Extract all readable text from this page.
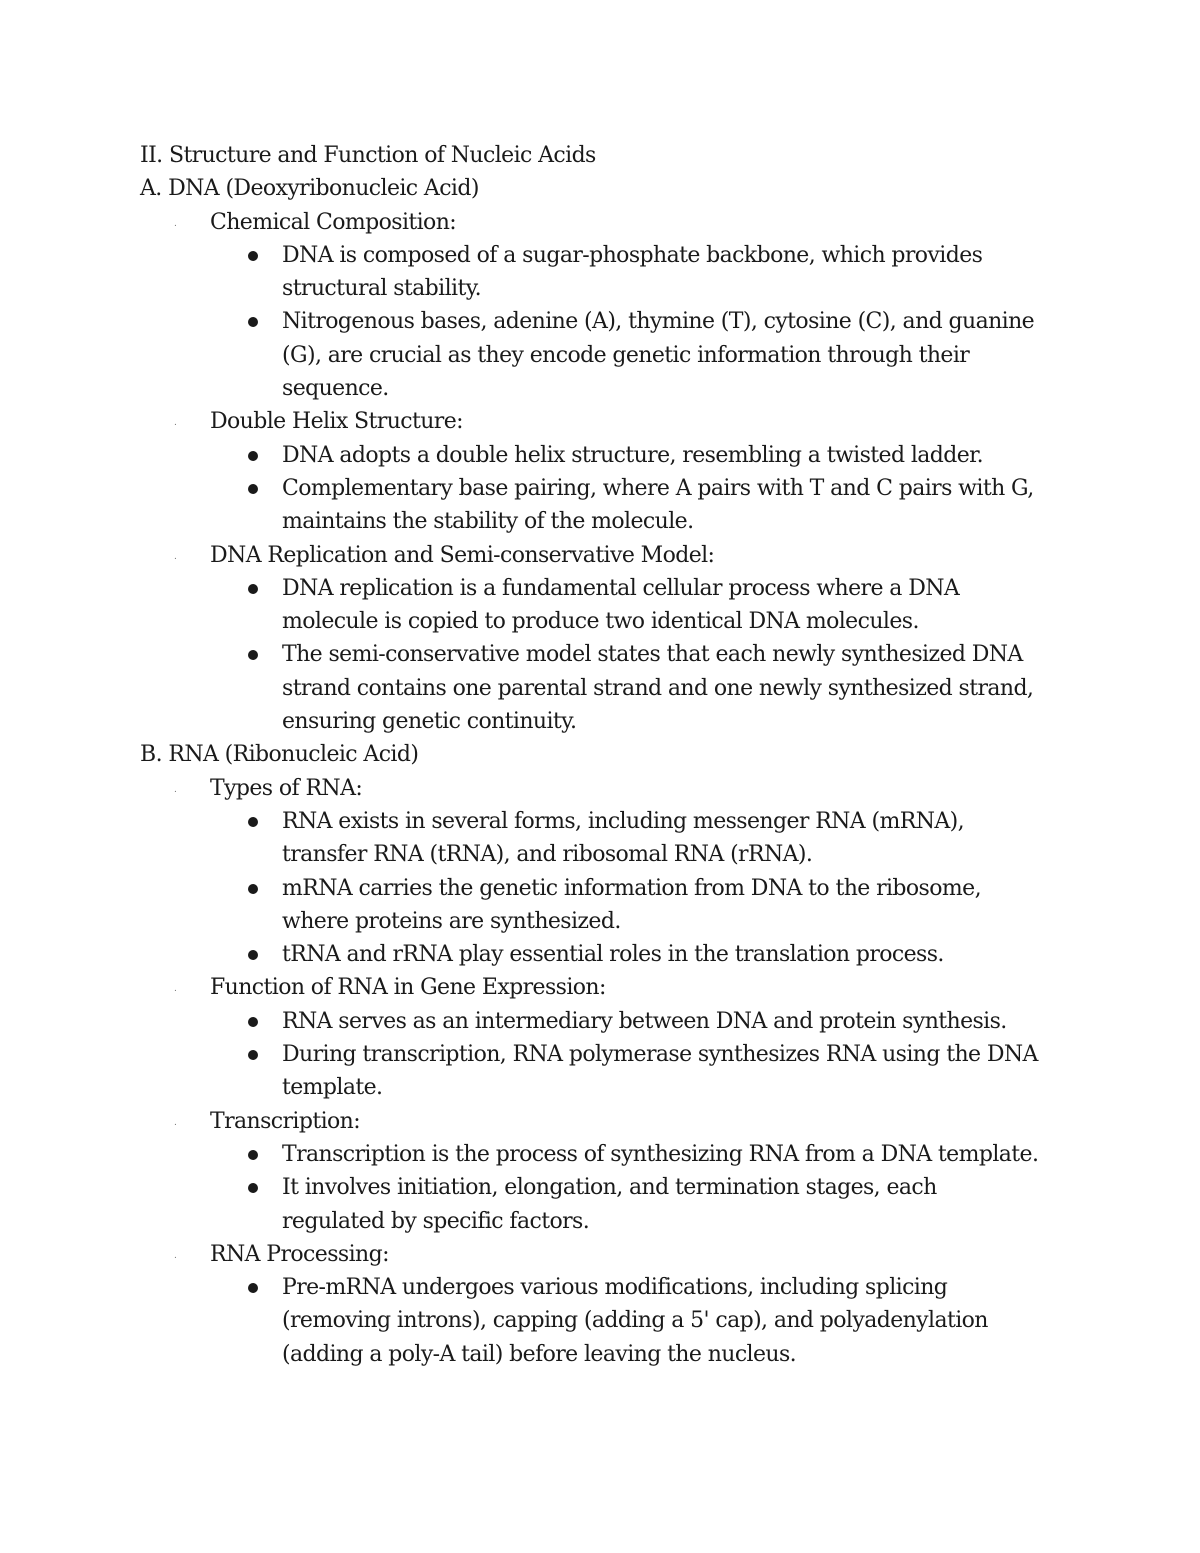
II. Structure and Function of Nucleic Acids

A. DNA (Deoxyribonucleic Acid)

. Chemical Composition:
DNA is composed of a sugar-phosphate backbone, which provides structural stability.
Nitrogenous bases, adenine (A), thymine (T), cytosine (C), and guanine (G), are crucial as they encode genetic information through their sequence.
. Double Helix Structure:
DNA adopts a double helix structure, resembling a twisted ladder.
Complementary base pairing, where A pairs with T and C pairs with G, maintains the stability of the molecule.
. DNA Replication and Semi-conservative Model:
DNA replication is a fundamental cellular process where a DNA molecule is copied to produce two identical DNA molecules.
The semi-conservative model states that each newly synthesized DNA strand contains one parental strand and one newly synthesized strand, ensuring genetic continuity.

B. RNA (Ribonucleic Acid)

. Types of RNA:
RNA exists in several forms, including messenger RNA (mRNA), transfer RNA (tRNA), and ribosomal RNA (rRNA).
mRNA carries the genetic information from DNA to the ribosome, where proteins are synthesized.
tRNA and rRNA play essential roles in the translation process.
. Function of RNA in Gene Expression:
RNA serves as an intermediary between DNA and protein synthesis.
During transcription, RNA polymerase synthesizes RNA using the DNA template.
. Transcription:
Transcription is the process of synthesizing RNA from a DNA template.
It involves initiation, elongation, and termination stages, each regulated by specific factors.
. RNA Processing:
Pre-mRNA undergoes various modifications, including splicing (removing introns), capping (adding a 5' cap), and polyadenylation (adding a poly-A tail) before leaving the nucleus.
